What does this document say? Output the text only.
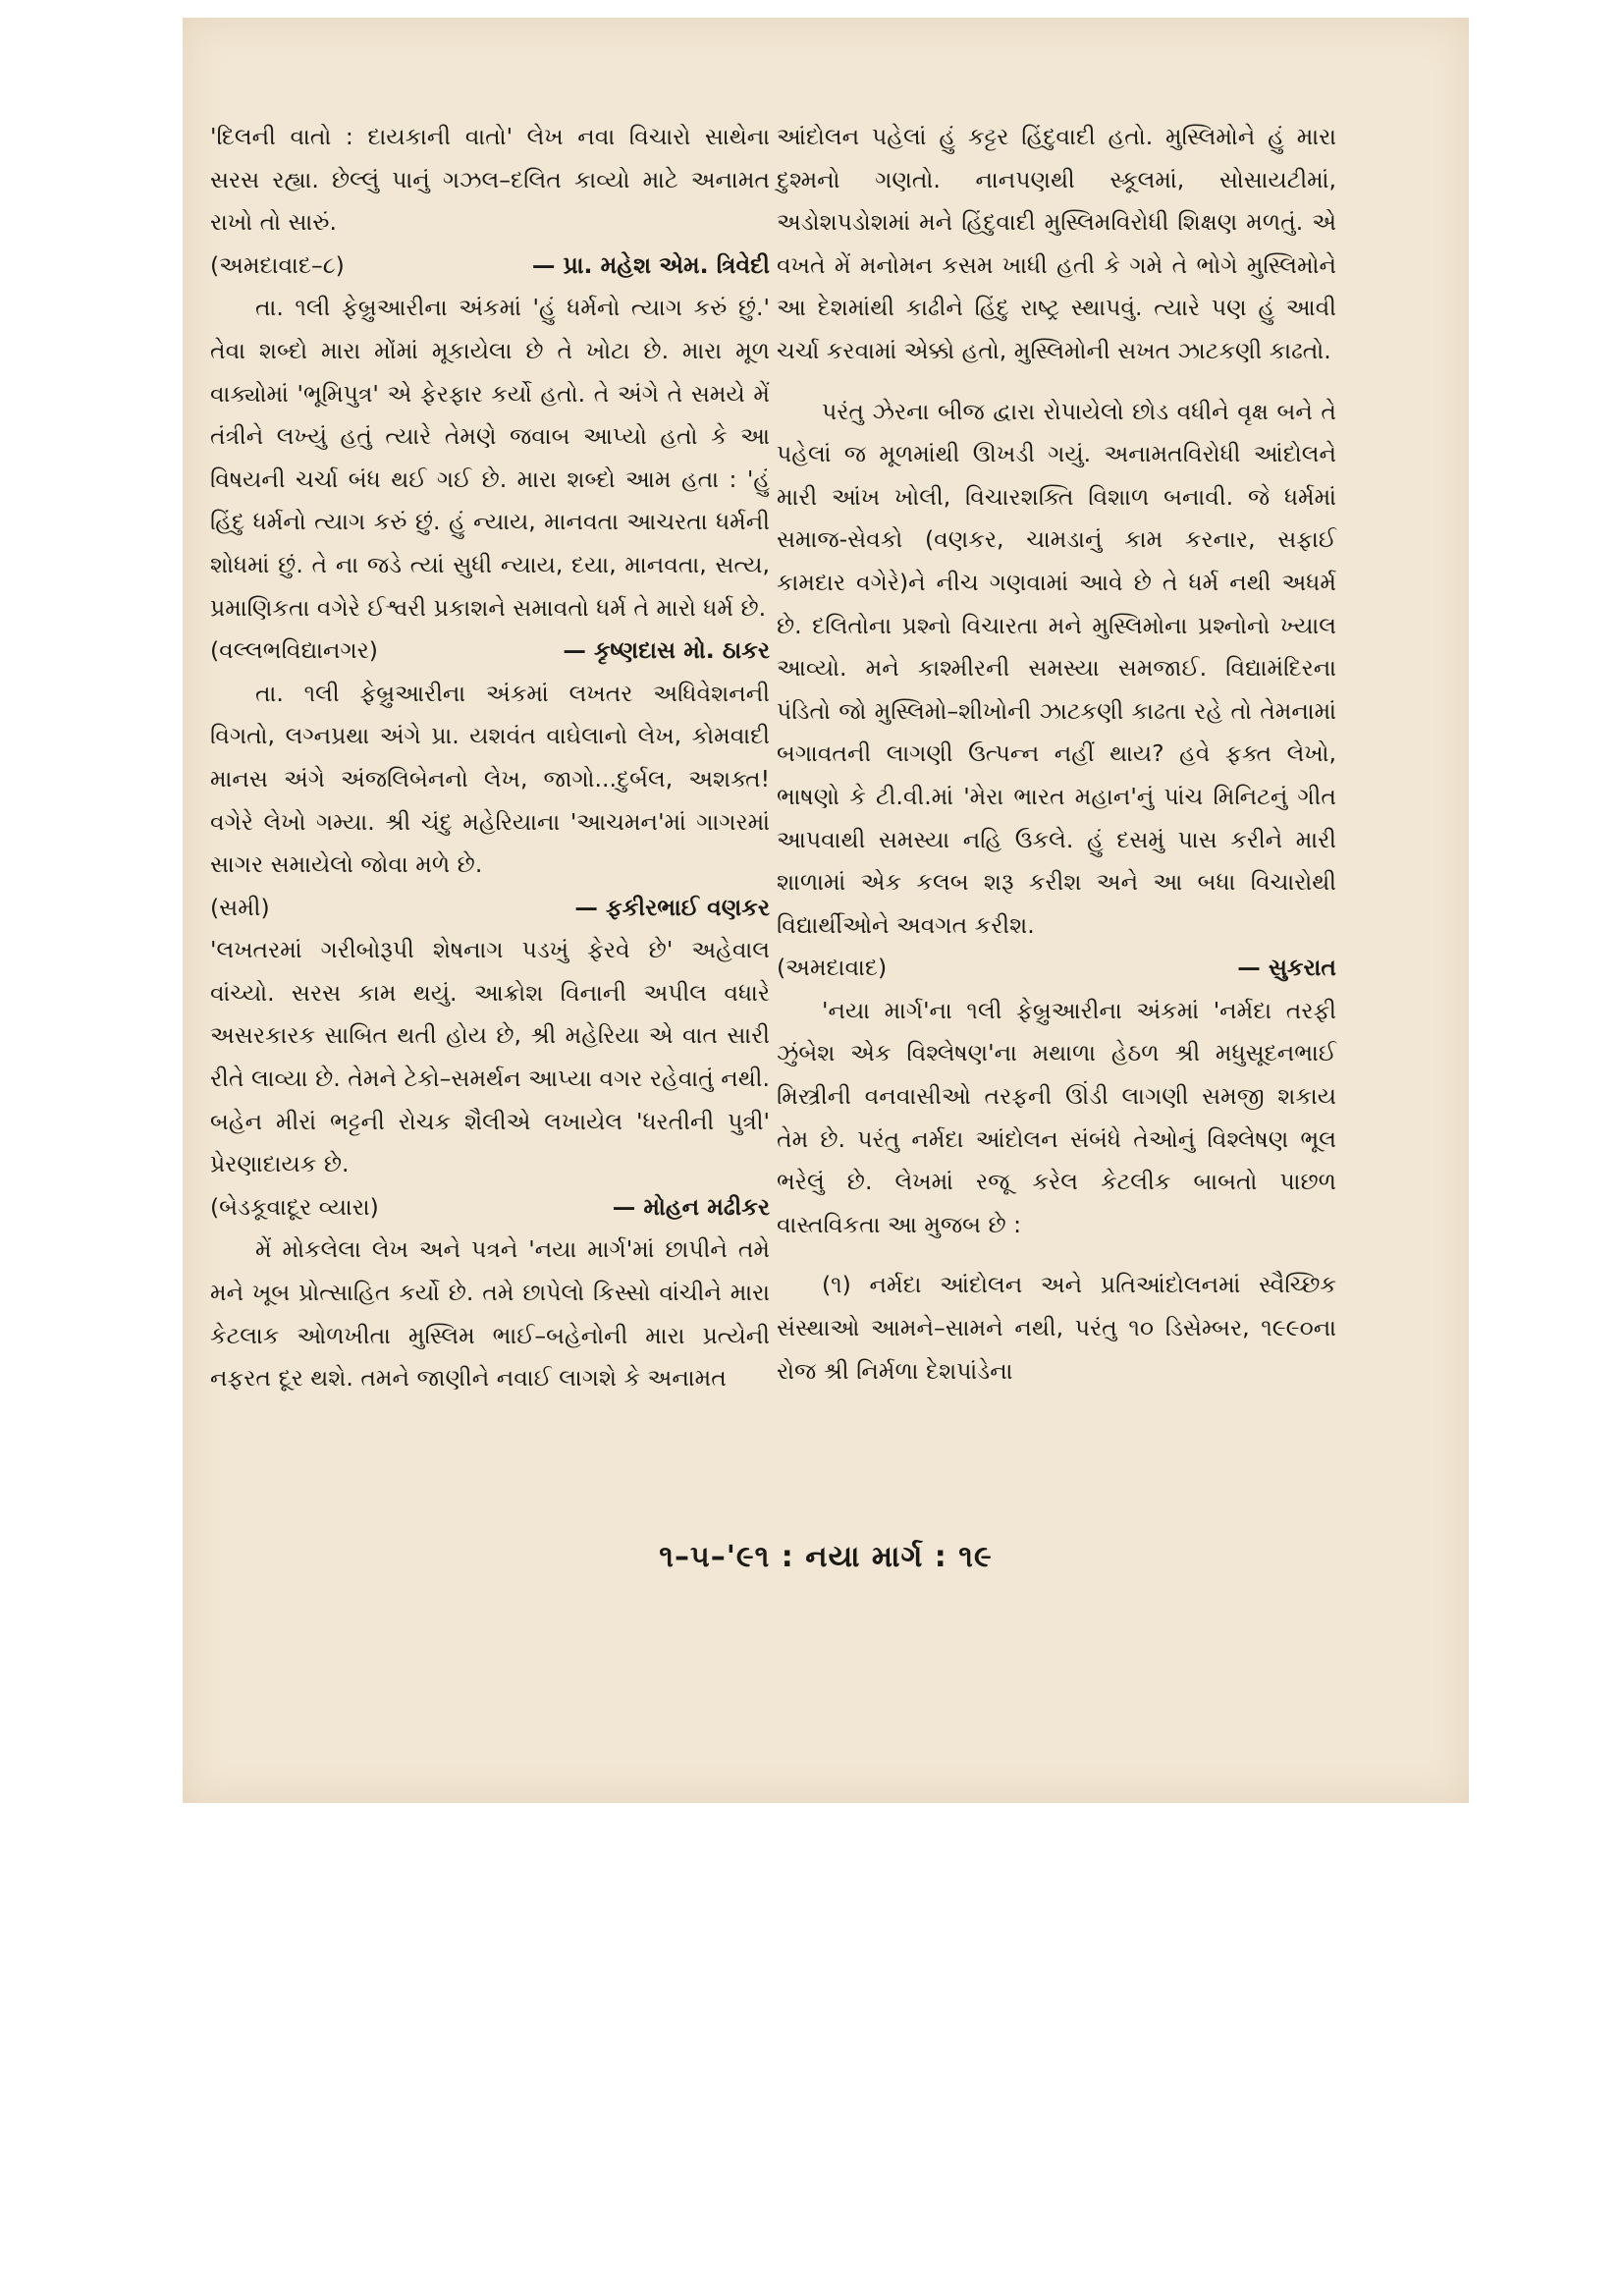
'દિલની વાતો : દાયકાની વાતો' લેખ નવા વિચારો સાથેના સરસ રહ્યા. છેલ્લું પાનું ગઝલ–દલિત કાવ્યો માટે અનામત રાખો તો સારું.

(અમદાવાદ–૮)	— પ્રા. મહેશ એમ. ત્રિવેદી

તા. ૧લી ફેબ્રુઆરીના અંકમાં 'હું ધર્મનો ત્યાગ કરું છું.' તેવા શબ્દો મારા મોંમાં મૂકાયેલા છે તે ખોટા છે. મારા મૂળ વાક્યોમાં 'ભૂમિપુત્ર' એ ફેરફાર કર્યો હતો. તે અંગે તે સમયે મેં તંત્રીને લખ્યું હતું ત્યારે તેમણે જવાબ આપ્યો હતો કે આ વિષયની ચર્ચા બંધ થઈ ગઈ છે. મારા શબ્દો આમ હતા : 'હું હિંદુ ધર્મનો ત્યાગ કરું છું. હું ન્યાય, માનવતા આચરતા ધર્મની શોધમાં છું. તે ના જડે ત્યાં સુધી ન્યાય, દયા, માનવતા, સત્ય, પ્રમાણિકતા વગેરે ઈશ્વરી પ્રકાશને સમાવતો ધર્મ તે મારો ધર્મ છે.

(વલ્લભવિદ્યાનગર)	— કૃષ્ણદાસ મો. ઠાકર

તા. ૧લી ફેબ્રુઆરીના અંકમાં લખતર અધિવેશનની વિગતો, લગ્નપ્રથા અંગે પ્રા. યશવંત વાઘેલાનો લેખ, કોમવાદી માનસ અંગે અંજલિબેનનો લેખ, જાગો...દુર્બલ, અશક્ત! વગેરે લેખો ગમ્યા. શ્રી ચંદુ મહેરિયાના 'આચમન'માં ગાગરમાં સાગર સમાયેલો જોવા મળે છે.

(સમી)	— ફકીરભાઈ વણકર

'લખતરમાં ગરીબોરૂપી શેષનાગ પડખું ફેરવે છે' અહેવાલ વાંચ્યો. સરસ કામ થયું. આક્રોશ વિનાની અપીલ વધારે અસરકારક સાબિત થતી હોય છે, શ્રી મહેરિયા એ વાત સારી રીતે લાવ્યા છે. તેમને ટેકો–સમર્થન આપ્યા વગર રહેવાતું નથી. બહેન મીરાં ભટ્ટની રોચક શૈલીએ લખાયેલ 'ધરતીની પુત્રી' પ્રેરણાદાયક છે.

(બેડકૂવાદૂર વ્યારા)	— મોહન મઢીકર

મેં મોકલેલા લેખ અને પત્રને 'નયા માર્ગ'માં છાપીને તમે મને ખૂબ પ્રોત્સાહિત કર્યો છે. તમે છાપેલો કિસ્સો વાંચીને મારા કેટલાક ઓળખીતા મુસ્લિમ ભાઈ–બહેનોની મારા પ્રત્યેની નફરત દૂર થશે. તમને જાણીને નવાઈ લાગશે કે અનામત

આંદોલન પહેલાં હું કટ્ટર હિંદુવાદી હતો. મુસ્લિમોને હું મારા દુશ્મનો ગણતો. નાનપણથી સ્કૂલમાં, સોસાયટીમાં, અડોશપડોશમાં મને હિંદુવાદી મુસ્લિમવિરોધી શિક્ષણ મળતું. એ વખતે મેં મનોમન કસમ ખાધી હતી કે ગમે તે ભોગે મુસ્લિમોને આ દેશમાંથી કાઢીને હિંદુ રાષ્ટ્ર સ્થાપવું. ત્યારે પણ હું આવી ચર્ચા કરવામાં એક્કો હતો, મુસ્લિમોની સખત ઝાટકણી કાઢતો.

પરંતુ ઝેરના બીજ દ્વારા રોપાયેલો છોડ વધીને વૃક્ષ બને તે પહેલાં જ મૂળમાંથી ઊખડી ગયું. અનામતવિરોધી આંદોલને મારી આંખ ખોલી, વિચારશક્તિ વિશાળ બનાવી. જે ધર્મમાં સમાજ-સેવકો (વણકર, ચામડાનું કામ કરનાર, સફાઈ કામદાર વગેરે)ને નીચ ગણવામાં આવે છે તે ધર્મ નથી અધર્મ છે. દલિતોના પ્રશ્નો વિચારતા મને મુસ્લિમોના પ્રશ્નોનો ખ્યાલ આવ્યો. મને કાશ્મીરની સમસ્યા સમજાઈ. વિદ્યામંદિરના પંડિતો જો મુસ્લિમો–શીખોની ઝાટકણી કાઢતા રહે તો તેમનામાં બગાવતની લાગણી ઉત્પન્ન નહીં થાય? હવે ફક્ત લેખો, ભાષણો કે ટી.વી.માં 'મેરા ભારત મહાન'નું પાંચ મિનિટનું ગીત આપવાથી સમસ્યા નહિ ઉકલે. હું દસમું પાસ કરીને મારી શાળામાં એક કલબ શરૂ કરીશ અને આ બધા વિચારોથી વિદ્યાર્થીઓને અવગત કરીશ.

(અમદાવાદ)	— સુકરાત

'નયા માર્ગ'ના ૧લી ફેબ્રુઆરીના અંકમાં 'નર્મદા તરફી ઝુંબેશ એક વિશ્લેષણ'ના મથાળા હેઠળ શ્રી મધુસૂદનભાઈ મિસ્ત્રીની વનવાસીઓ તરફની ઊંડી લાગણી સમજી શકાય તેમ છે. પરંતુ નર્મદા આંદોલન સંબંધે તેઓનું વિશ્લેષણ ભૂલ ભરેલું છે. લેખમાં રજૂ કરેલ કેટલીક બાબતો પાછળ વાસ્તવિકતા આ મુજબ છે :

(૧) નર્મદા આંદોલન અને પ્રતિઆંદોલનમાં સ્વૈચ્છિક સંસ્થાઓ આમને–સામને નથી, પરંતુ ૧૦ ડિસેમ્બર, ૧૯૯૦ના રોજ શ્રી નિર્મળા દેશપાંડેના

૧–૫–'૯૧ : નયા માર્ગ : ૧૯
